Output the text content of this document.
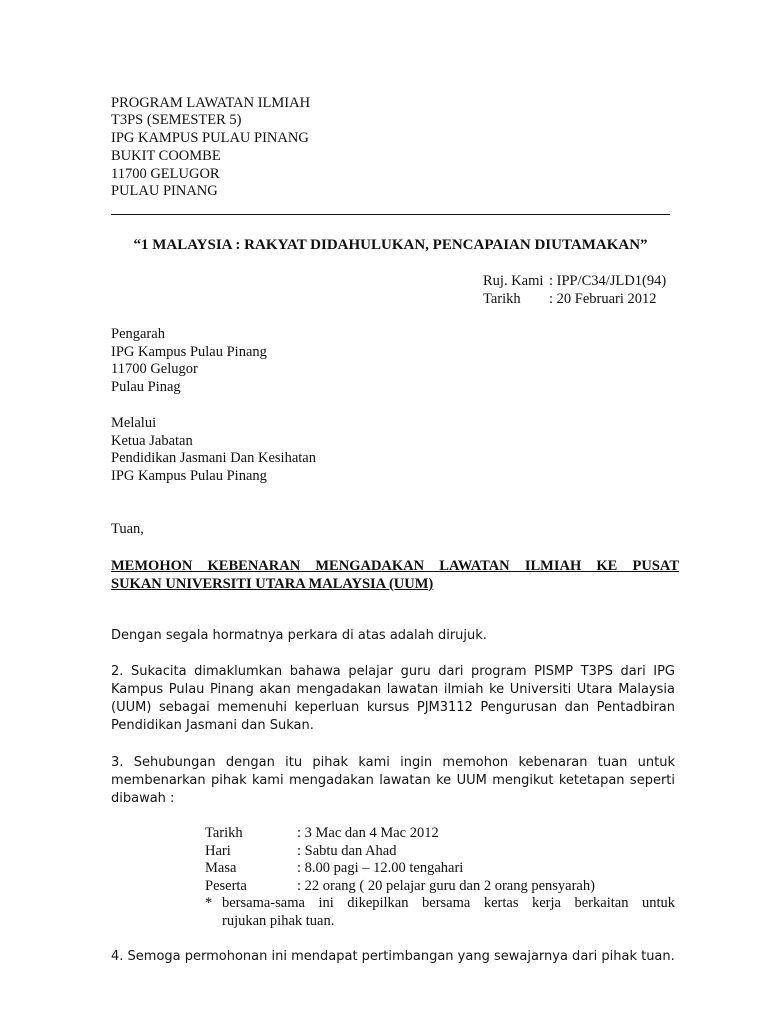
PROGRAM LAWATAN ILMIAH
T3PS (SEMESTER 5)
IPG KAMPUS PULAU PINANG
BUKIT COOMBE
11700 GELUGOR
PULAU PINANG
“1 MALAYSIA : RAKYAT DIDAHULUKAN, PENCAPAIAN DIUTAMAKAN”
Ruj. Kami : IPP/C34/JLD1(94)
Tarikh : 20 Februari 2012
Pengarah
IPG Kampus Pulau Pinang
11700 Gelugor
Pulau Pinag
Melalui
Ketua Jabatan
Pendidikan Jasmani Dan Kesihatan
IPG Kampus Pulau Pinang
Tuan,
MEMOHON KEBENARAN MENGADAKAN LAWATAN ILMIAH KE PUSAT
SUKAN UNIVERSITI UTARA MALAYSIA (UUM)
Dengan segala hormatnya perkara di atas adalah dirujuk.
2. Sukacita dimaklumkan bahawa pelajar guru dari program PISMP T3PS dari IPG
Kampus Pulau Pinang akan mengadakan lawatan ilmiah ke Universiti Utara Malaysia
(UUM) sebagai memenuhi keperluan kursus PJM3112 Pengurusan dan Pentadbiran
Pendidikan Jasmani dan Sukan.
3. Sehubungan dengan itu pihak kami ingin memohon kebenaran tuan untuk
membenarkan pihak kami mengadakan lawatan ke UUM mengikut ketetapan seperti
dibawah :
Tarikh	: 3 Mac dan 4 Mac 2012
Hari	: Sabtu dan Ahad
Masa	: 8.00 pagi – 12.00 tengahari
Peserta	: 22 orang ( 20 pelajar guru dan 2 orang pensyarah)
* bersama-sama ini dikepilkan bersama kertas kerja berkaitan untuk
rujukan pihak tuan.
4. Semoga permohonan ini mendapat pertimbangan yang sewajarnya dari pihak tuan.
